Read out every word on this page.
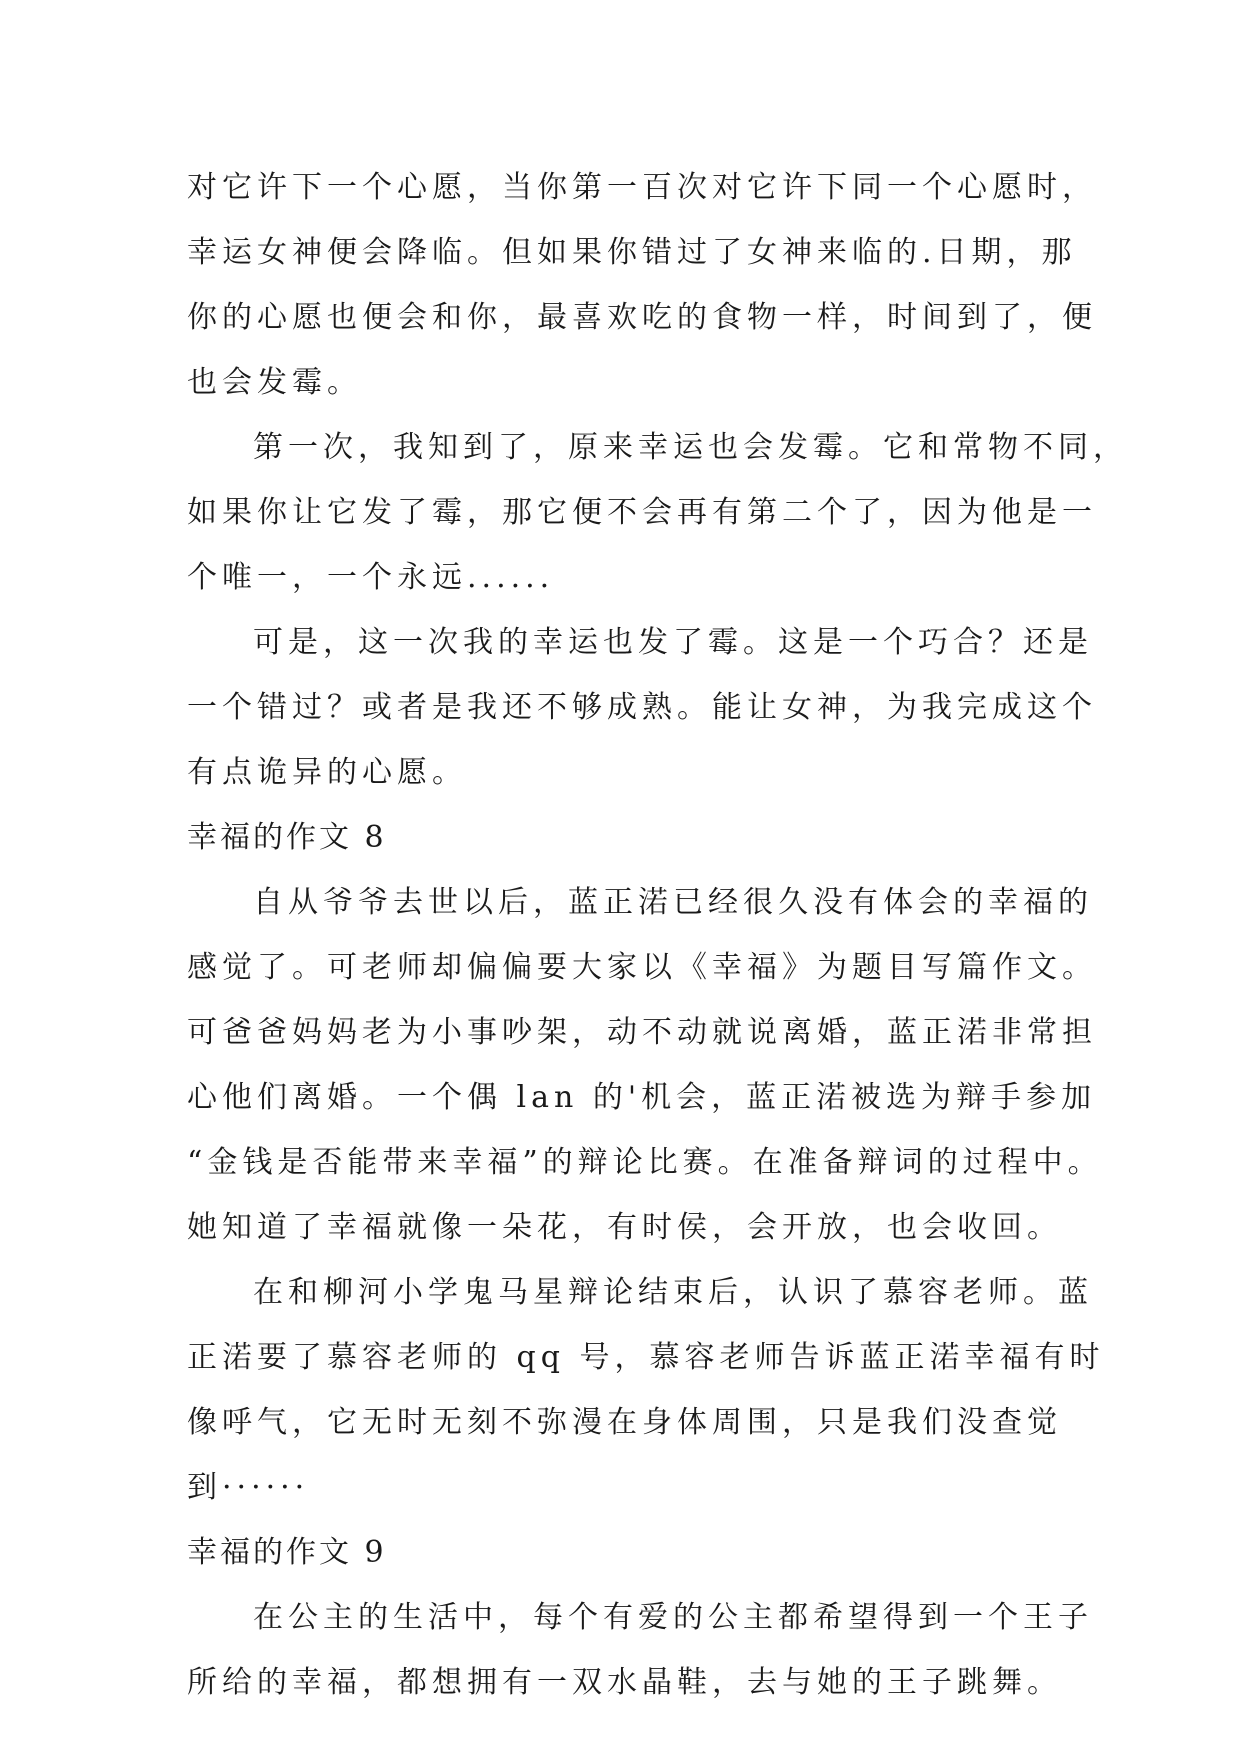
对它许下一个心愿，当你第一百次对它许下同一个心愿时，
幸运女神便会降临。但如果你错过了女神来临的.日期，那
你的心愿也便会和你，最喜欢吃的食物一样，时间到了，便
也会发霉。
第一次，我知到了，原来幸运也会发霉。它和常物不同，
如果你让它发了霉，那它便不会再有第二个了，因为他是一
个唯一，一个永远......
可是，这一次我的幸运也发了霉。这是一个巧合？还是
一个错过？或者是我还不够成熟。能让女神，为我完成这个
有点诡异的心愿。
幸福的作文 8
自从爷爷去世以后，蓝正渃已经很久没有体会的幸福的
感觉了。可老师却偏偏要大家以《幸福》为题目写篇作文。
可爸爸妈妈老为小事吵架，动不动就说离婚，蓝正渃非常担
心他们离婚。一个偶 lan 的'机会，蓝正渃被选为辩手参加
“金钱是否能带来幸福”的辩论比赛。在准备辩词的过程中。
她知道了幸福就像一朵花，有时侯，会开放，也会收回。
在和柳河小学鬼马星辩论结束后，认识了慕容老师。蓝
正渃要了慕容老师的 qq 号，慕容老师告诉蓝正渃幸福有时
像呼气，它无时无刻不弥漫在身体周围，只是我们没查觉
到······
幸福的作文 9
在公主的生活中，每个有爱的公主都希望得到一个王子
所给的幸福，都想拥有一双水晶鞋，去与她的王子跳舞。
